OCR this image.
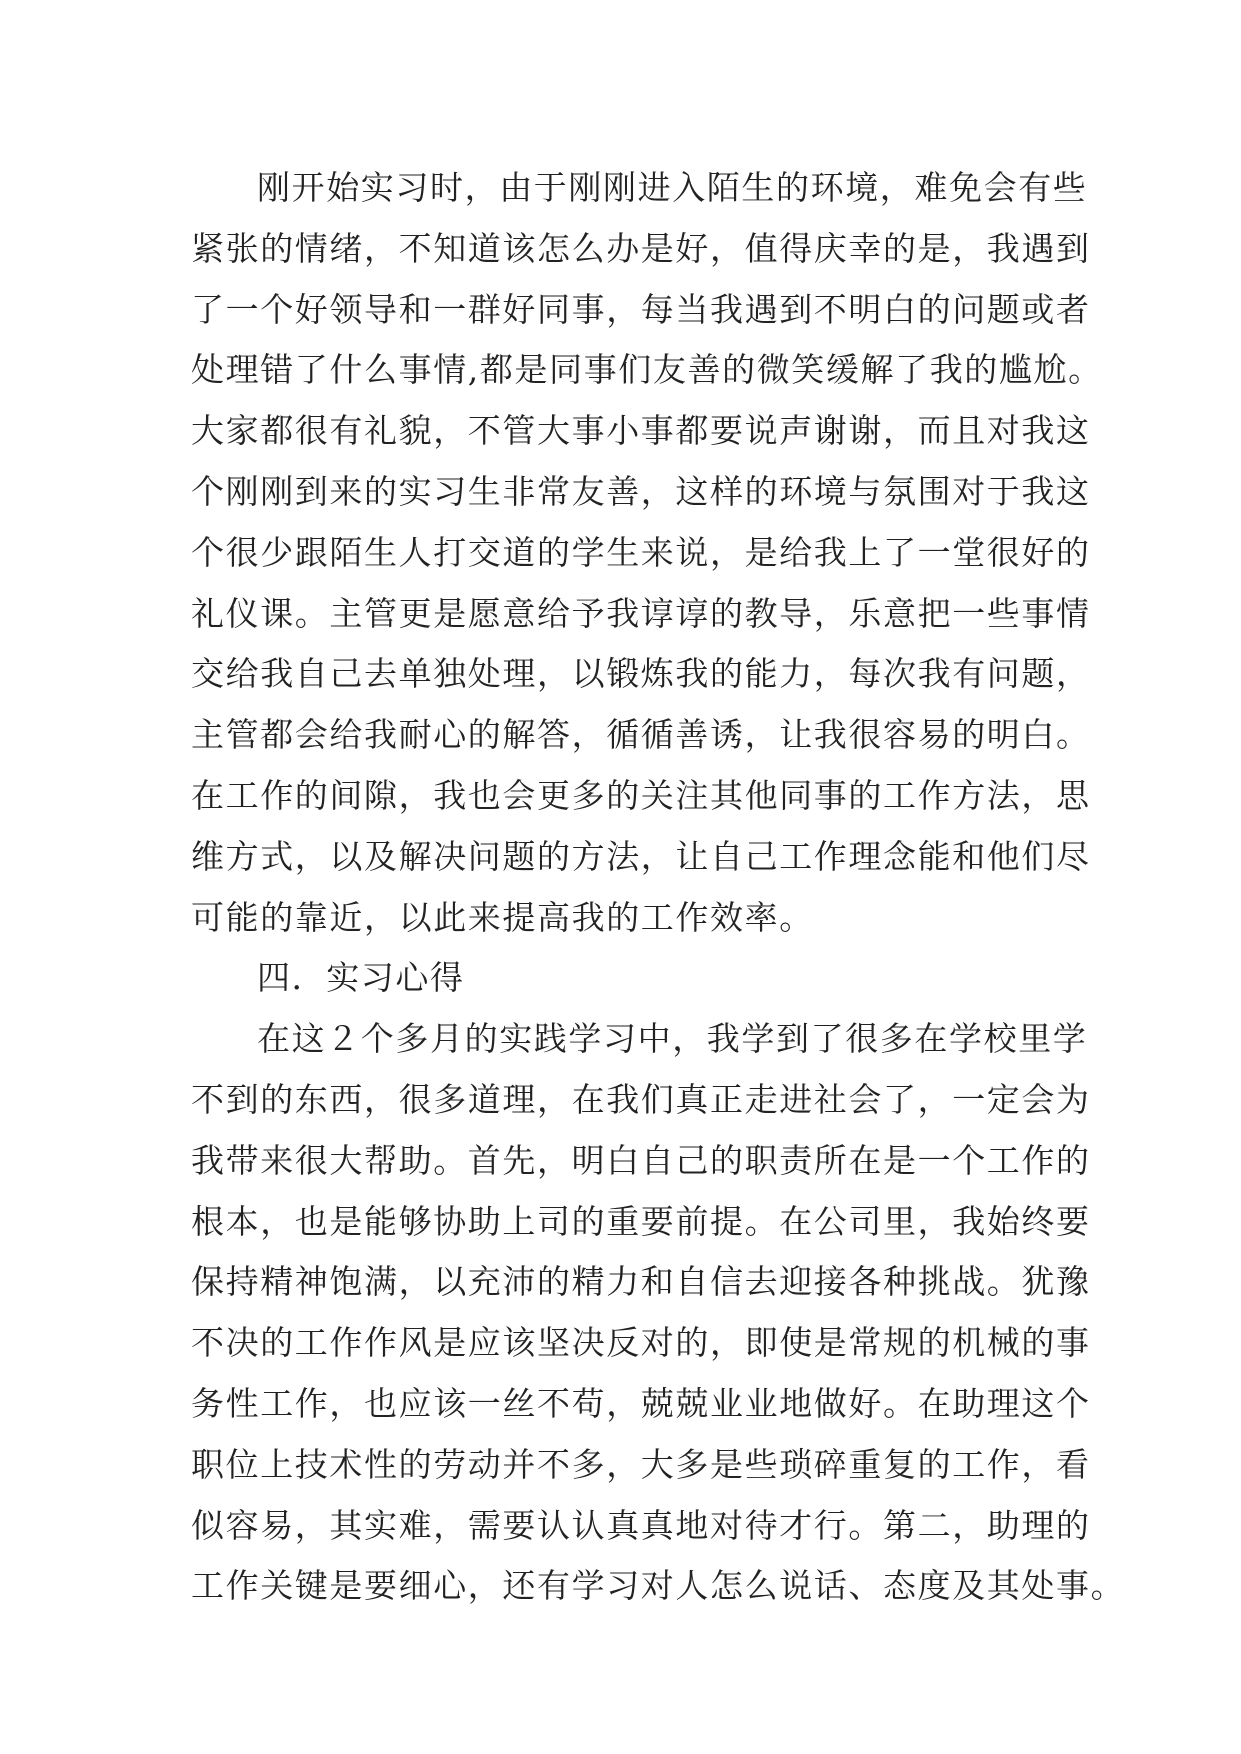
刚开始实习时，由于刚刚进入陌生的环境，难免会有些
紧张的情绪，不知道该怎么办是好，值得庆幸的是，我遇到
了一个好领导和一群好同事，每当我遇到不明白的问题或者
处理错了什么事情,都是同事们友善的微笑缓解了我的尴尬。
大家都很有礼貌，不管大事小事都要说声谢谢，而且对我这
个刚刚到来的实习生非常友善，这样的环境与氛围对于我这
个很少跟陌生人打交道的学生来说，是给我上了一堂很好的
礼仪课。主管更是愿意给予我谆谆的教导，乐意把一些事情
交给我自己去单独处理，以锻炼我的能力，每次我有问题，
主管都会给我耐心的解答，循循善诱，让我很容易的明白。
在工作的间隙，我也会更多的关注其他同事的工作方法，思
维方式，以及解决问题的方法，让自己工作理念能和他们尽
可能的靠近，以此来提高我的工作效率。
四．实习心得
在这２个多月的实践学习中，我学到了很多在学校里学
不到的东西，很多道理，在我们真正走进社会了，一定会为
我带来很大帮助。首先，明白自己的职责所在是一个工作的
根本，也是能够协助上司的重要前提。在公司里，我始终要
保持精神饱满，以充沛的精力和自信去迎接各种挑战。犹豫
不决的工作作风是应该坚决反对的，即使是常规的机械的事
务性工作，也应该一丝不苟，兢兢业业地做好。在助理这个
职位上技术性的劳动并不多，大多是些琐碎重复的工作，看
似容易，其实难，需要认认真真地对待才行。第二，助理的
工作关键是要细心，还有学习对人怎么说话、态度及其处事。
